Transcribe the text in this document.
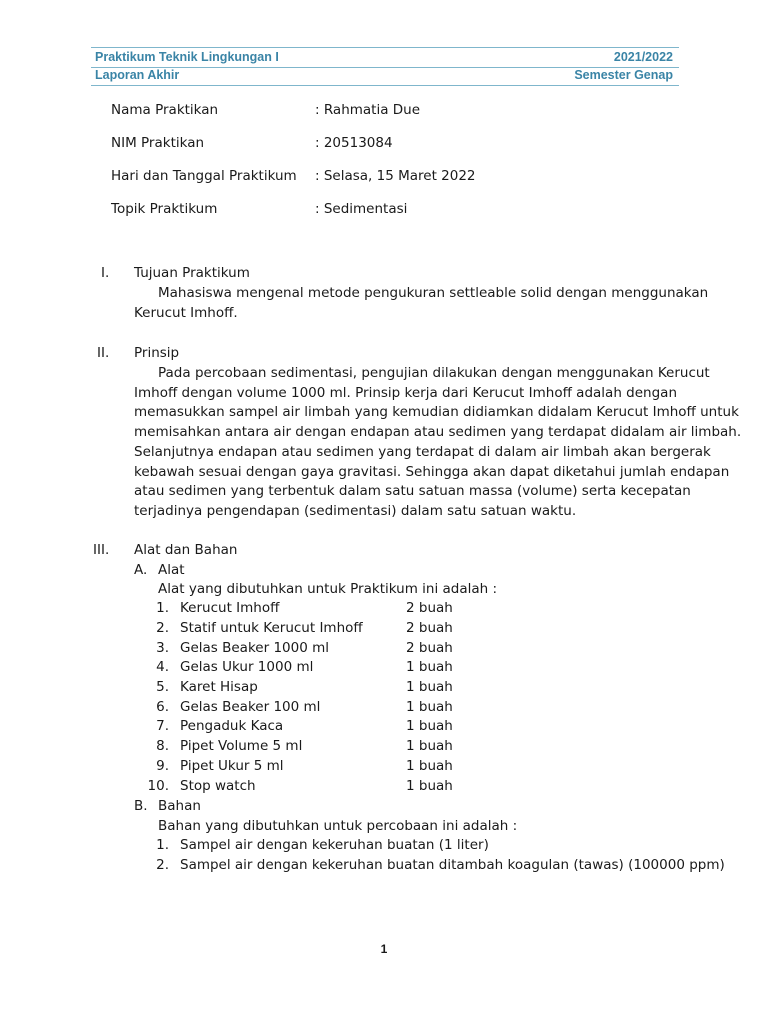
Praktikum Teknik Lingkungan I	2021/2022
Laporan Akhir	Semester Genap
Nama Praktikan	: Rahmatia Due
NIM Praktikan	: 20513084
Hari dan Tanggal Praktikum : Selasa, 15 Maret 2022
Topik Praktikum	: Sedimentasi
I. Tujuan Praktikum
Mahasiswa mengenal metode pengukuran settleable solid dengan menggunakan
Kerucut Imhoff.
II. Prinsip
Pada percobaan sedimentasi, pengujian dilakukan dengan menggunakan Kerucut
Imhoff dengan volume 1000 ml. Prinsip kerja dari Kerucut Imhoff adalah dengan
memasukkan sampel air limbah yang kemudian didiamkan didalam Kerucut Imhoff untuk
memisahkan antara air dengan endapan atau sedimen yang terdapat didalam air limbah.
Selanjutnya endapan atau sedimen yang terdapat di dalam air limbah akan bergerak
kebawah sesuai dengan gaya gravitasi. Sehingga akan dapat diketahui jumlah endapan
atau sedimen yang terbentuk dalam satu satuan massa (volume) serta kecepatan
terjadinya pengendapan (sedimentasi) dalam satu satuan waktu.
III. Alat dan Bahan
A. Alat
Alat yang dibutuhkan untuk Praktikum ini adalah :
1. Kerucut Imhoff	2 buah
2. Statif untuk Kerucut Imhoff	2 buah
3. Gelas Beaker 1000 ml	2 buah
4. Gelas Ukur 1000 ml	1 buah
5. Karet Hisap	1 buah
6. Gelas Beaker 100 ml	1 buah
7. Pengaduk Kaca	1 buah
8. Pipet Volume 5 ml	1 buah
9. Pipet Ukur 5 ml	1 buah
10. Stop watch	1 buah
B. Bahan
Bahan yang dibutuhkan untuk percobaan ini adalah :
1. Sampel air dengan kekeruhan buatan (1 liter)
2. Sampel air dengan kekeruhan buatan ditambah koagulan (tawas) (100000 ppm)
1
